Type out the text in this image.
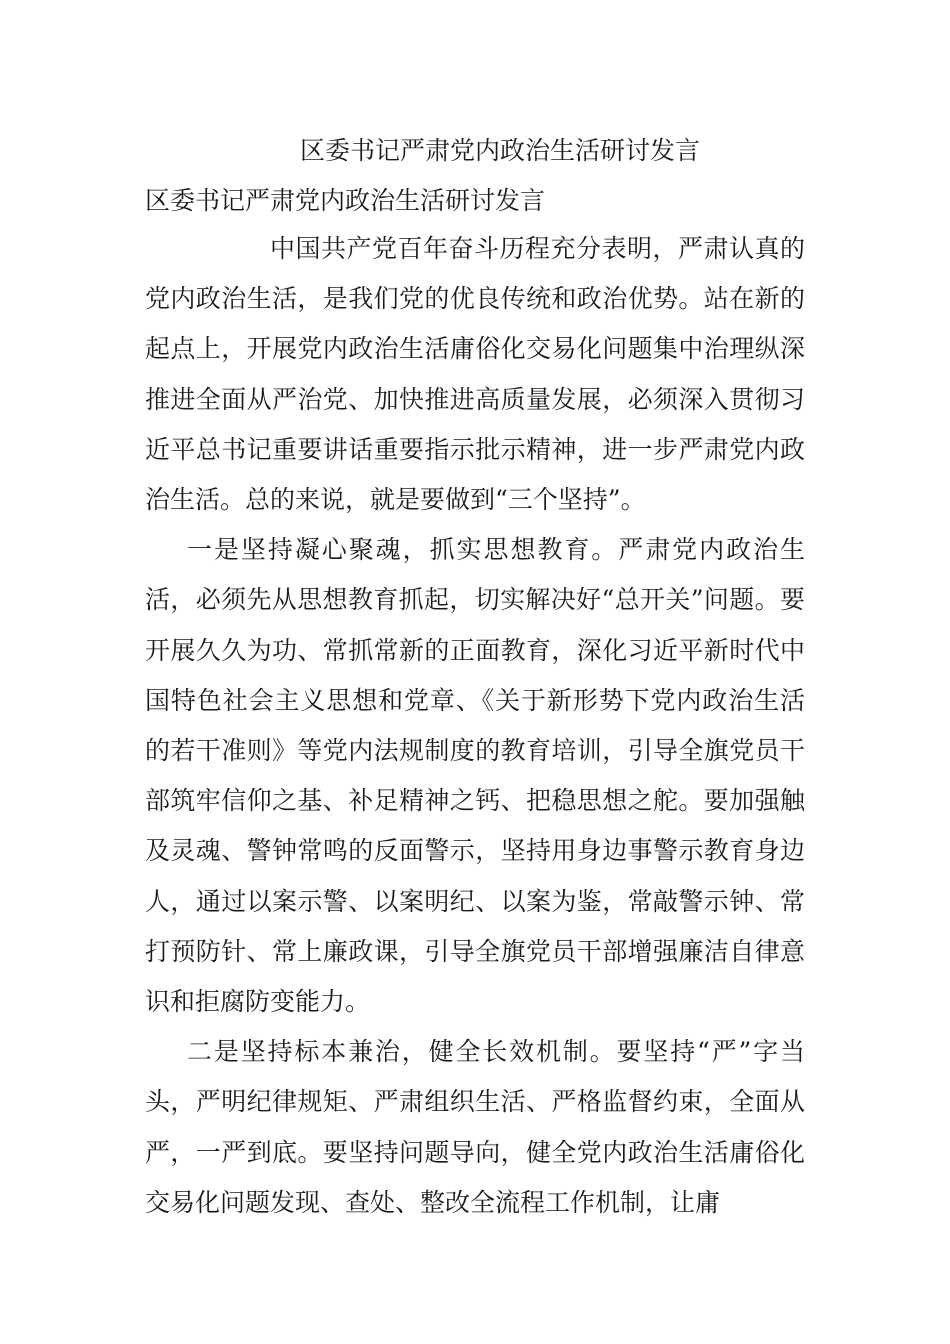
区委书记严肃党内政治生活研讨发言
区委书记严肃党内政治生活研讨发言

中国共产党百年奋斗历程充分表明，严肃认真的党内政治生活，是我们党的优良传统和政治优势。站在新的起点上，开展党内政治生活庸俗化交易化问题集中治理纵深推进全面从严治党、加快推进高质量发展，必须深入贯彻习近平总书记重要讲话重要指示批示精神，进一步严肃党内政治生活。总的来说，就是要做到“三个坚持”。

一是坚持凝心聚魂，抓实思想教育。严肃党内政治生活，必须先从思想教育抓起，切实解决好“总开关”问题。要开展久久为功、常抓常新的正面教育，深化习近平新时代中国特色社会主义思想和党章、《关于新形势下党内政治生活的若干准则》等党内法规制度的教育培训，引导全旗党员干部筑牢信仰之基、补足精神之钙、把稳思想之舵。要加强触及灵魂、警钟常鸣的反面警示，坚持用身边事警示教育身边人，通过以案示警、以案明纪、以案为鉴，常敲警示钟、常打预防针、常上廉政课，引导全旗党员干部增强廉洁自律意识和拒腐防变能力。

二是坚持标本兼治，健全长效机制。要坚持“严”字当头，严明纪律规矩、严肃组织生活、严格监督约束，全面从严，一严到底。要坚持问题导向，健全党内政治生活庸俗化交易化问题发现、查处、整改全流程工作机制，让庸
